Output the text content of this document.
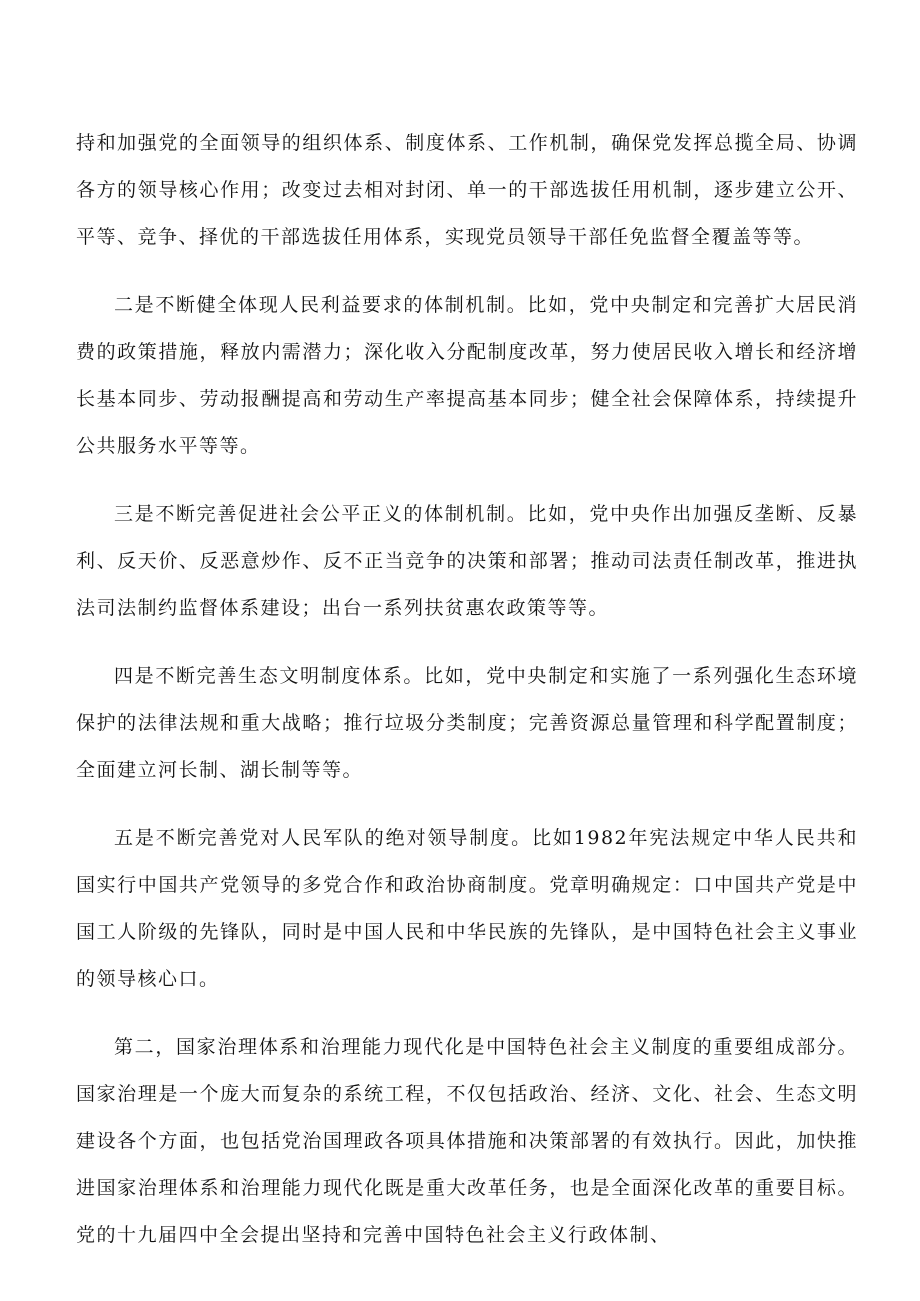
持和加强党的全面领导的组织体系、制度体系、工作机制，确保党发挥总揽全局、协调各方的领导核心作用；改变过去相对封闭、单一的干部选拔任用机制，逐步建立公开、平等、竞争、择优的干部选拔任用体系，实现党员领导干部任免监督全覆盖等等。

二是不断健全体现人民利益要求的体制机制。比如，党中央制定和完善扩大居民消费的政策措施，释放内需潜力；深化收入分配制度改革，努力使居民收入增长和经济增长基本同步、劳动报酬提高和劳动生产率提高基本同步；健全社会保障体系，持续提升公共服务水平等等。

三是不断完善促进社会公平正义的体制机制。比如，党中央作出加强反垄断、反暴利、反天价、反恶意炒作、反不正当竞争的决策和部署；推动司法责任制改革，推进执法司法制约监督体系建设；出台一系列扶贫惠农政策等等。

四是不断完善生态文明制度体系。比如，党中央制定和实施了一系列强化生态环境保护的法律法规和重大战略；推行垃圾分类制度；完善资源总量管理和科学配置制度；全面建立河长制、湖长制等等。

五是不断完善党对人民军队的绝对领导制度。比如1982年宪法规定中华人民共和国实行中国共产党领导的多党合作和政治协商制度。党章明确规定：口中国共产党是中国工人阶级的先锋队，同时是中国人民和中华民族的先锋队，是中国特色社会主义事业的领导核心口。

第二，国家治理体系和治理能力现代化是中国特色社会主义制度的重要组成部分。国家治理是一个庞大而复杂的系统工程，不仅包括政治、经济、文化、社会、生态文明建设各个方面，也包括党治国理政各项具体措施和决策部署的有效执行。因此，加快推进国家治理体系和治理能力现代化既是重大改革任务，也是全面深化改革的重要目标。党的十九届四中全会提出坚持和完善中国特色社会主义行政体制、
